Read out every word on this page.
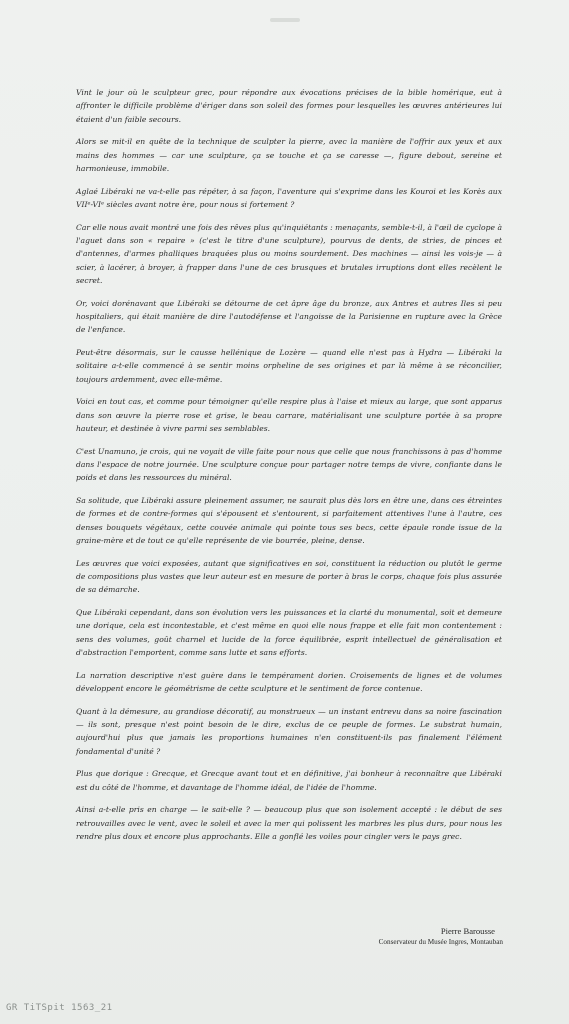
Vint le jour où le sculpteur grec, pour répondre aux évocations précises de la bible homérique, eut à affronter le difficile problème d'ériger dans son soleil des formes pour lesquelles les œuvres antérieures lui étaient d'un faible secours.

Alors se mit-il en quête de la technique de sculpter la pierre, avec la manière de l'offrir aux yeux et aux mains des hommes — car une sculpture, ça se touche et ça se caresse —, figure debout, sereine et harmonieuse, immobile.

Aglaé Libéraki ne va-t-elle pas répéter, à sa façon, l'aventure qui s'exprime dans les Kouroi et les Korès aux VIIᵉ-VIᵉ siècles avant notre ère, pour nous si fortement ?

Car elle nous avait montré une fois des rêves plus qu'inquiétants : menaçants, semble-t-il, à l'œil de cyclope à l'aguet dans son « repaire » (c'est le titre d'une sculpture), pourvus de dents, de stries, de pinces et d'antennes, d'armes phalliques braquées plus ou moins sourdement. Des machines — ainsi les vois-je — à scier, à lacérer, à broyer, à frapper dans l'une de ces brusques et brutales irruptions dont elles recèlent le secret.

Or, voici dorénavant que Libéraki se détourne de cet âpre âge du bronze, aux Antres et autres Iles si peu hospitaliers, qui était manière de dire l'autodéfense et l'angoisse de la Parisienne en rupture avec la Grèce de l'enfance.

Peut-être désormais, sur le causse hellénique de Lozère — quand elle n'est pas à Hydra — Libéraki la solitaire a-t-elle commencé à se sentir moins orpheline de ses origines et par là même à se réconcilier, toujours ardemment, avec elle-même.

Voici en tout cas, et comme pour témoigner qu'elle respire plus à l'aise et mieux au large, que sont apparus dans son œuvre la pierre rose et grise, le beau carrare, matérialisant une sculpture portée à sa propre hauteur, et destinée à vivre parmi ses semblables.

C'est Unamuno, je crois, qui ne voyait de ville faite pour nous que celle que nous franchissons à pas d'homme dans l'espace de notre journée. Une sculpture conçue pour partager notre temps de vivre, confiante dans le poids et dans les ressources du minéral.

Sa solitude, que Libéraki assure pleinement assumer, ne saurait plus dès lors en être une, dans ces étreintes de formes et de contre-formes qui s'épousent et s'entourent, si parfaitement attentives l'une à l'autre, ces denses bouquets végétaux, cette couvée animale qui pointe tous ses becs, cette épaule ronde issue de la graine-mère et de tout ce qu'elle représente de vie bourrée, pleine, dense.

Les œuvres que voici exposées, autant que significatives en soi, constituent la réduction ou plutôt le germe de compositions plus vastes que leur auteur est en mesure de porter à bras le corps, chaque fois plus assurée de sa démarche.

Que Libéraki cependant, dans son évolution vers les puissances et la clarté du monumental, soit et demeure une dorique, cela est incontestable, et c'est même en quoi elle nous frappe et elle fait mon contentement : sens des volumes, goût charnel et lucide de la force équilibrée, esprit intellectuel de généralisation et d'abstraction l'emportent, comme sans lutte et sans efforts.

La narration descriptive n'est guère dans le tempérament dorien. Croisements de lignes et de volumes développent encore le géométrisme de cette sculpture et le sentiment de force contenue.

Quant à la démesure, au grandiose décoratif, au monstrueux — un instant entrevu dans sa noire fascination — ils sont, presque n'est point besoin de le dire, exclus de ce peuple de formes. Le substrat humain, aujourd'hui plus que jamais les proportions humaines n'en constituent-ils pas finalement l'élément fondamental d'unité ?

Plus que dorique : Grecque, et Grecque avant tout et en définitive, j'ai bonheur à reconnaître que Libéraki est du côté de l'homme, et davantage de l'homme idéal, de l'idée de l'homme.

Ainsi a-t-elle pris en charge — le sait-elle ? — beaucoup plus que son isolement accepté : le début de ses retrouvailles avec le vent, avec le soleil et avec la mer qui polissent les marbres les plus durs, pour nous les rendre plus doux et encore plus approchants. Elle a gonflé les voiles pour cingler vers le pays grec.

Pierre Barousse
Conservateur du Musée Ingres, Montauban
GR TiTSpit 1563_21
